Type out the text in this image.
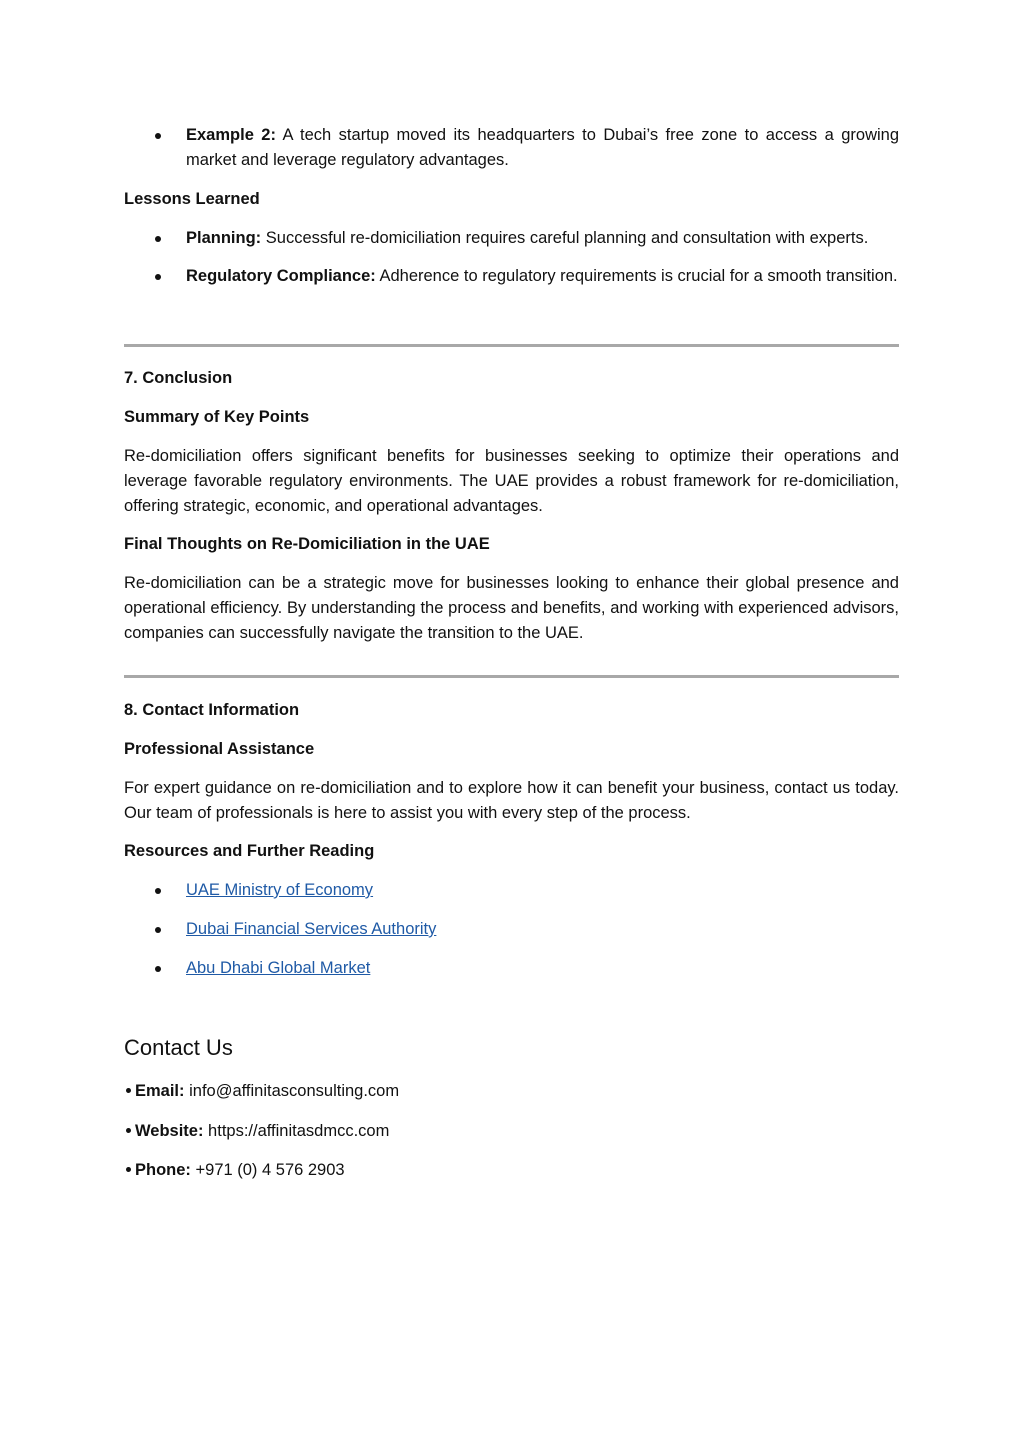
Example 2: A tech startup moved its headquarters to Dubai’s free zone to access a growing market and leverage regulatory advantages.

Lessons Learned

Planning: Successful re-domiciliation requires careful planning and consultation with experts.
Regulatory Compliance: Adherence to regulatory requirements is crucial for a smooth transition.

7. Conclusion

Summary of Key Points

Re-domiciliation offers significant benefits for businesses seeking to optimize their operations and leverage favorable regulatory environments. The UAE provides a robust framework for re-domiciliation, offering strategic, economic, and operational advantages.

Final Thoughts on Re-Domiciliation in the UAE

Re-domiciliation can be a strategic move for businesses looking to enhance their global presence and operational efficiency. By understanding the process and benefits, and working with experienced advisors, companies can successfully navigate the transition to the UAE.

8. Contact Information

Professional Assistance

For expert guidance on re-domiciliation and to explore how it can benefit your business, contact us today. Our team of professionals is here to assist you with every step of the process.

Resources and Further Reading

UAE Ministry of Economy
Dubai Financial Services Authority
Abu Dhabi Global Market
Contact Us
Email: info@affinitasconsulting.com
Website: https://affinitasdmcc.com
Phone: +971 (0) 4 576 2903
